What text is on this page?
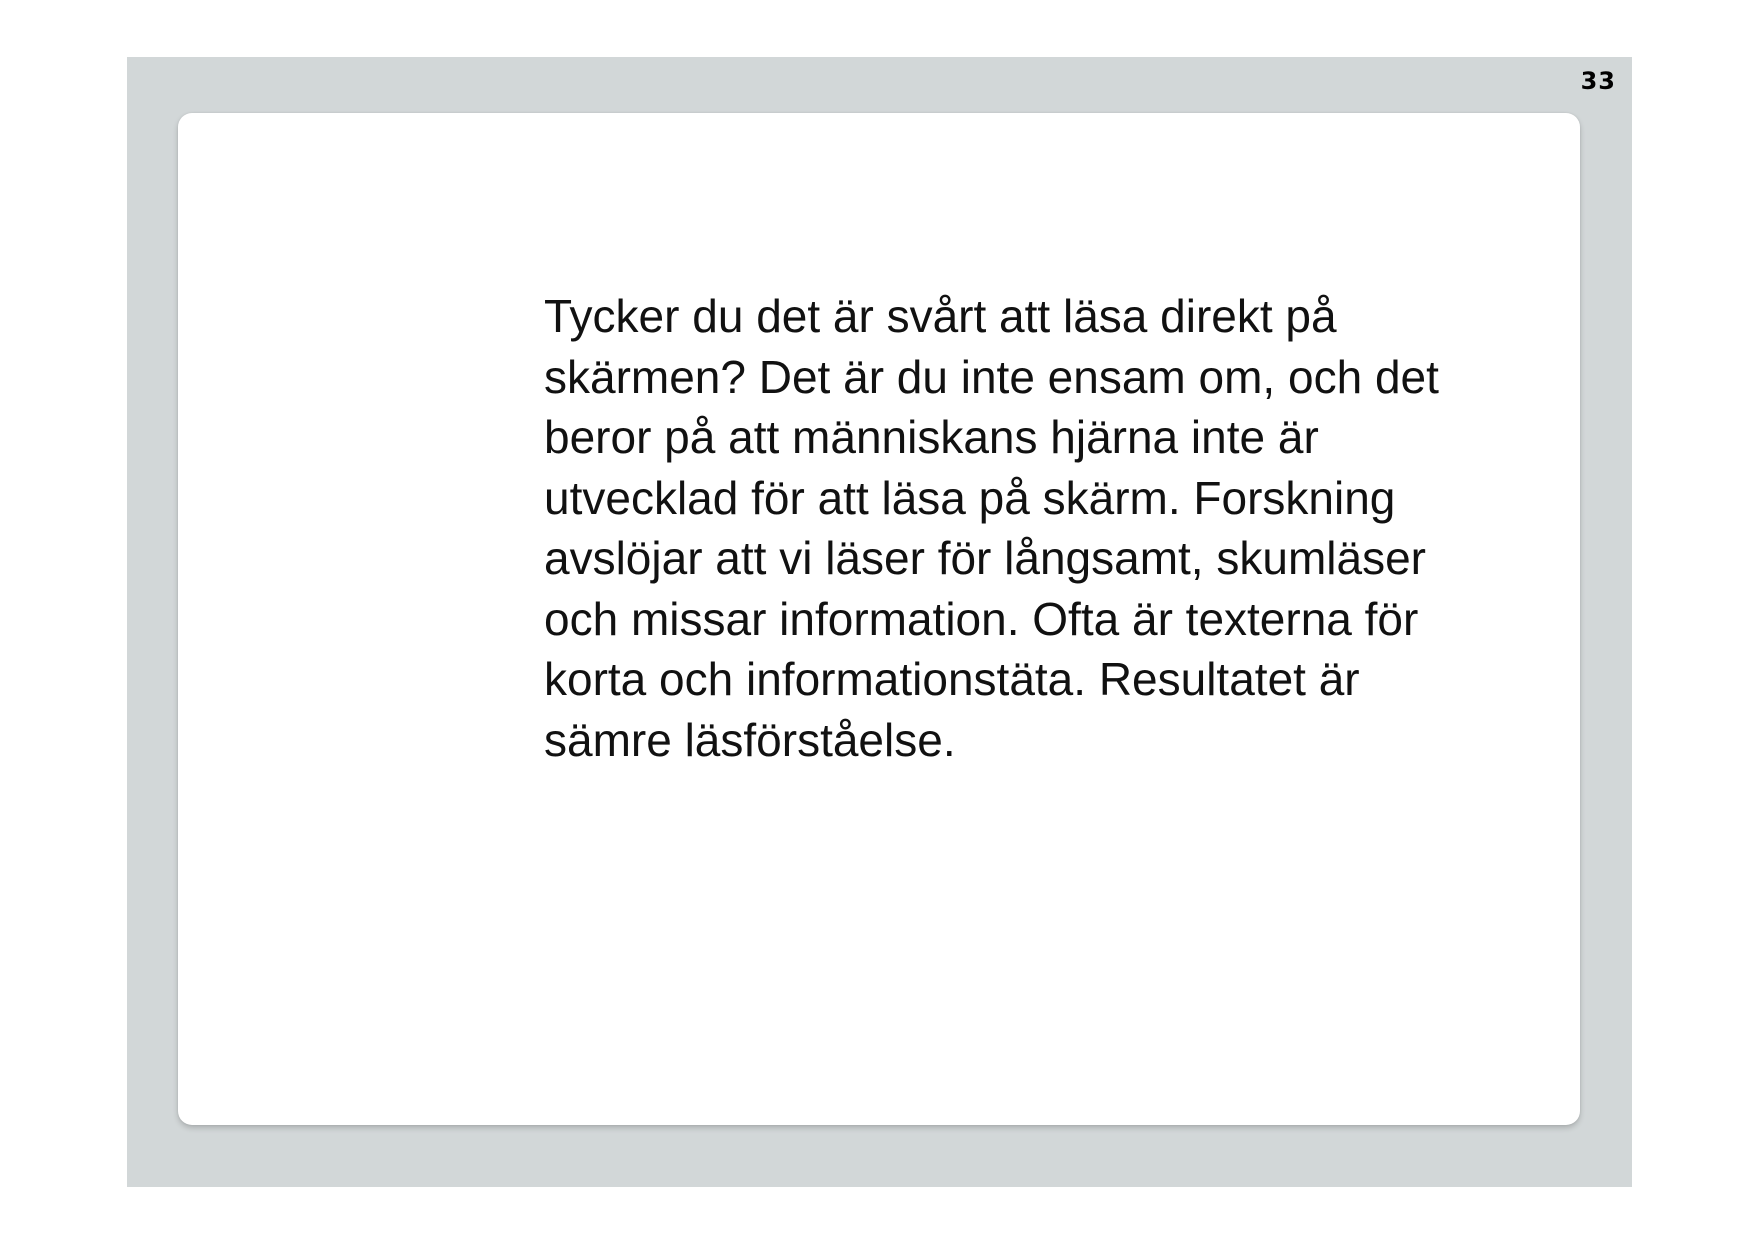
33

Tycker du det är svårt att läsa direkt på
skärmen? Det är du inte ensam om, och det
beror på att människans hjärna inte är
utvecklad för att läsa på skärm. Forskning
avslöjar att vi läser för långsamt, skumläser
och missar information. Ofta är texterna för
korta och informationstäta. Resultatet är
sämre läsförståelse.
